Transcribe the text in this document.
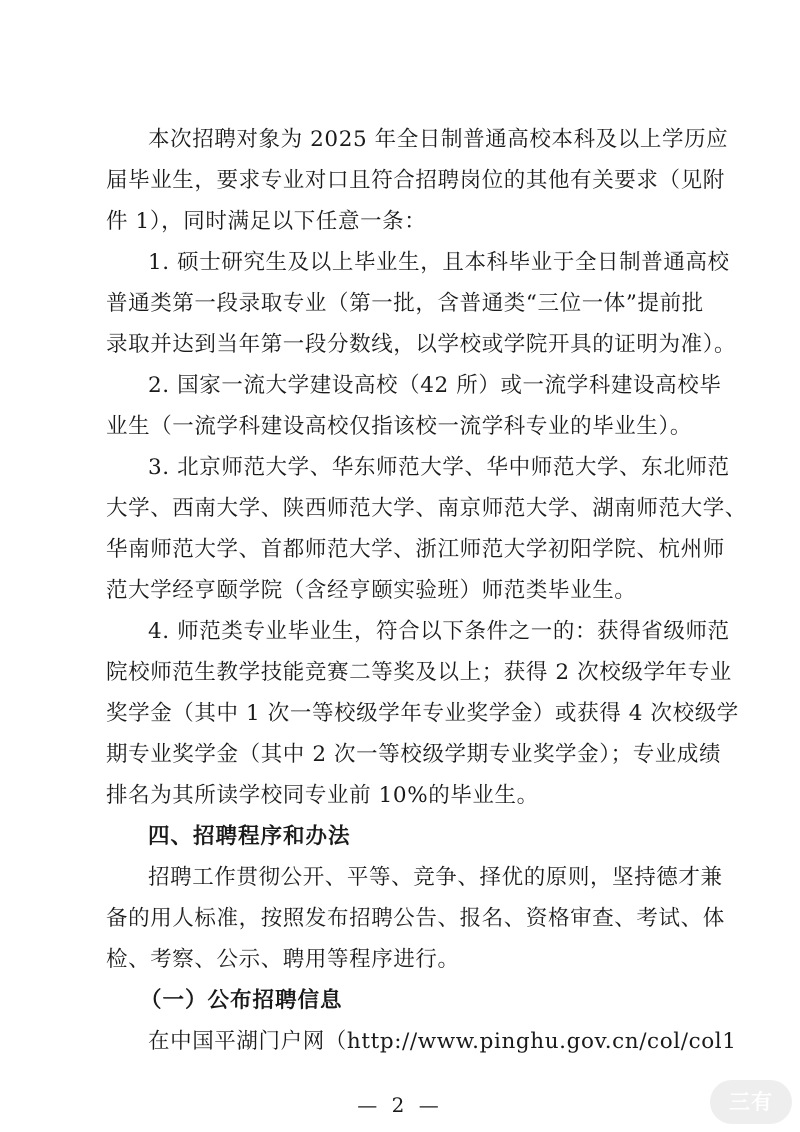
本次招聘对象为 2025 年全日制普通高校本科及以上学历应
届毕业生，要求专业对口且符合招聘岗位的其他有关要求（见附
件 1），同时满足以下任意一条：
1. 硕士研究生及以上毕业生，且本科毕业于全日制普通高校
普通类第一段录取专业（第一批，含普通类“三位一体”提前批
录取并达到当年第一段分数线，以学校或学院开具的证明为准）。
2. 国家一流大学建设高校（42 所）或一流学科建设高校毕
业生（一流学科建设高校仅指该校一流学科专业的毕业生）。
3. 北京师范大学、华东师范大学、华中师范大学、东北师范
大学、西南大学、陕西师范大学、南京师范大学、湖南师范大学、
华南师范大学、首都师范大学、浙江师范大学初阳学院、杭州师
范大学经亨颐学院（含经亨颐实验班）师范类毕业生。
4. 师范类专业毕业生，符合以下条件之一的：获得省级师范
院校师范生教学技能竞赛二等奖及以上；获得 2 次校级学年专业
奖学金（其中 1 次一等校级学年专业奖学金）或获得 4 次校级学
期专业奖学金（其中 2 次一等校级学期专业奖学金）；专业成绩
排名为其所读学校同专业前 10%的毕业生。
四、招聘程序和办法
招聘工作贯彻公开、平等、竞争、择优的原则，坚持德才兼
备的用人标准，按照发布招聘公告、报名、资格审查、考试、体
检、考察、公示、聘用等程序进行。
（一）公布招聘信息
在中国平湖门户网（http://www.pinghu.gov.cn/col/col1
— 2 —	三有
